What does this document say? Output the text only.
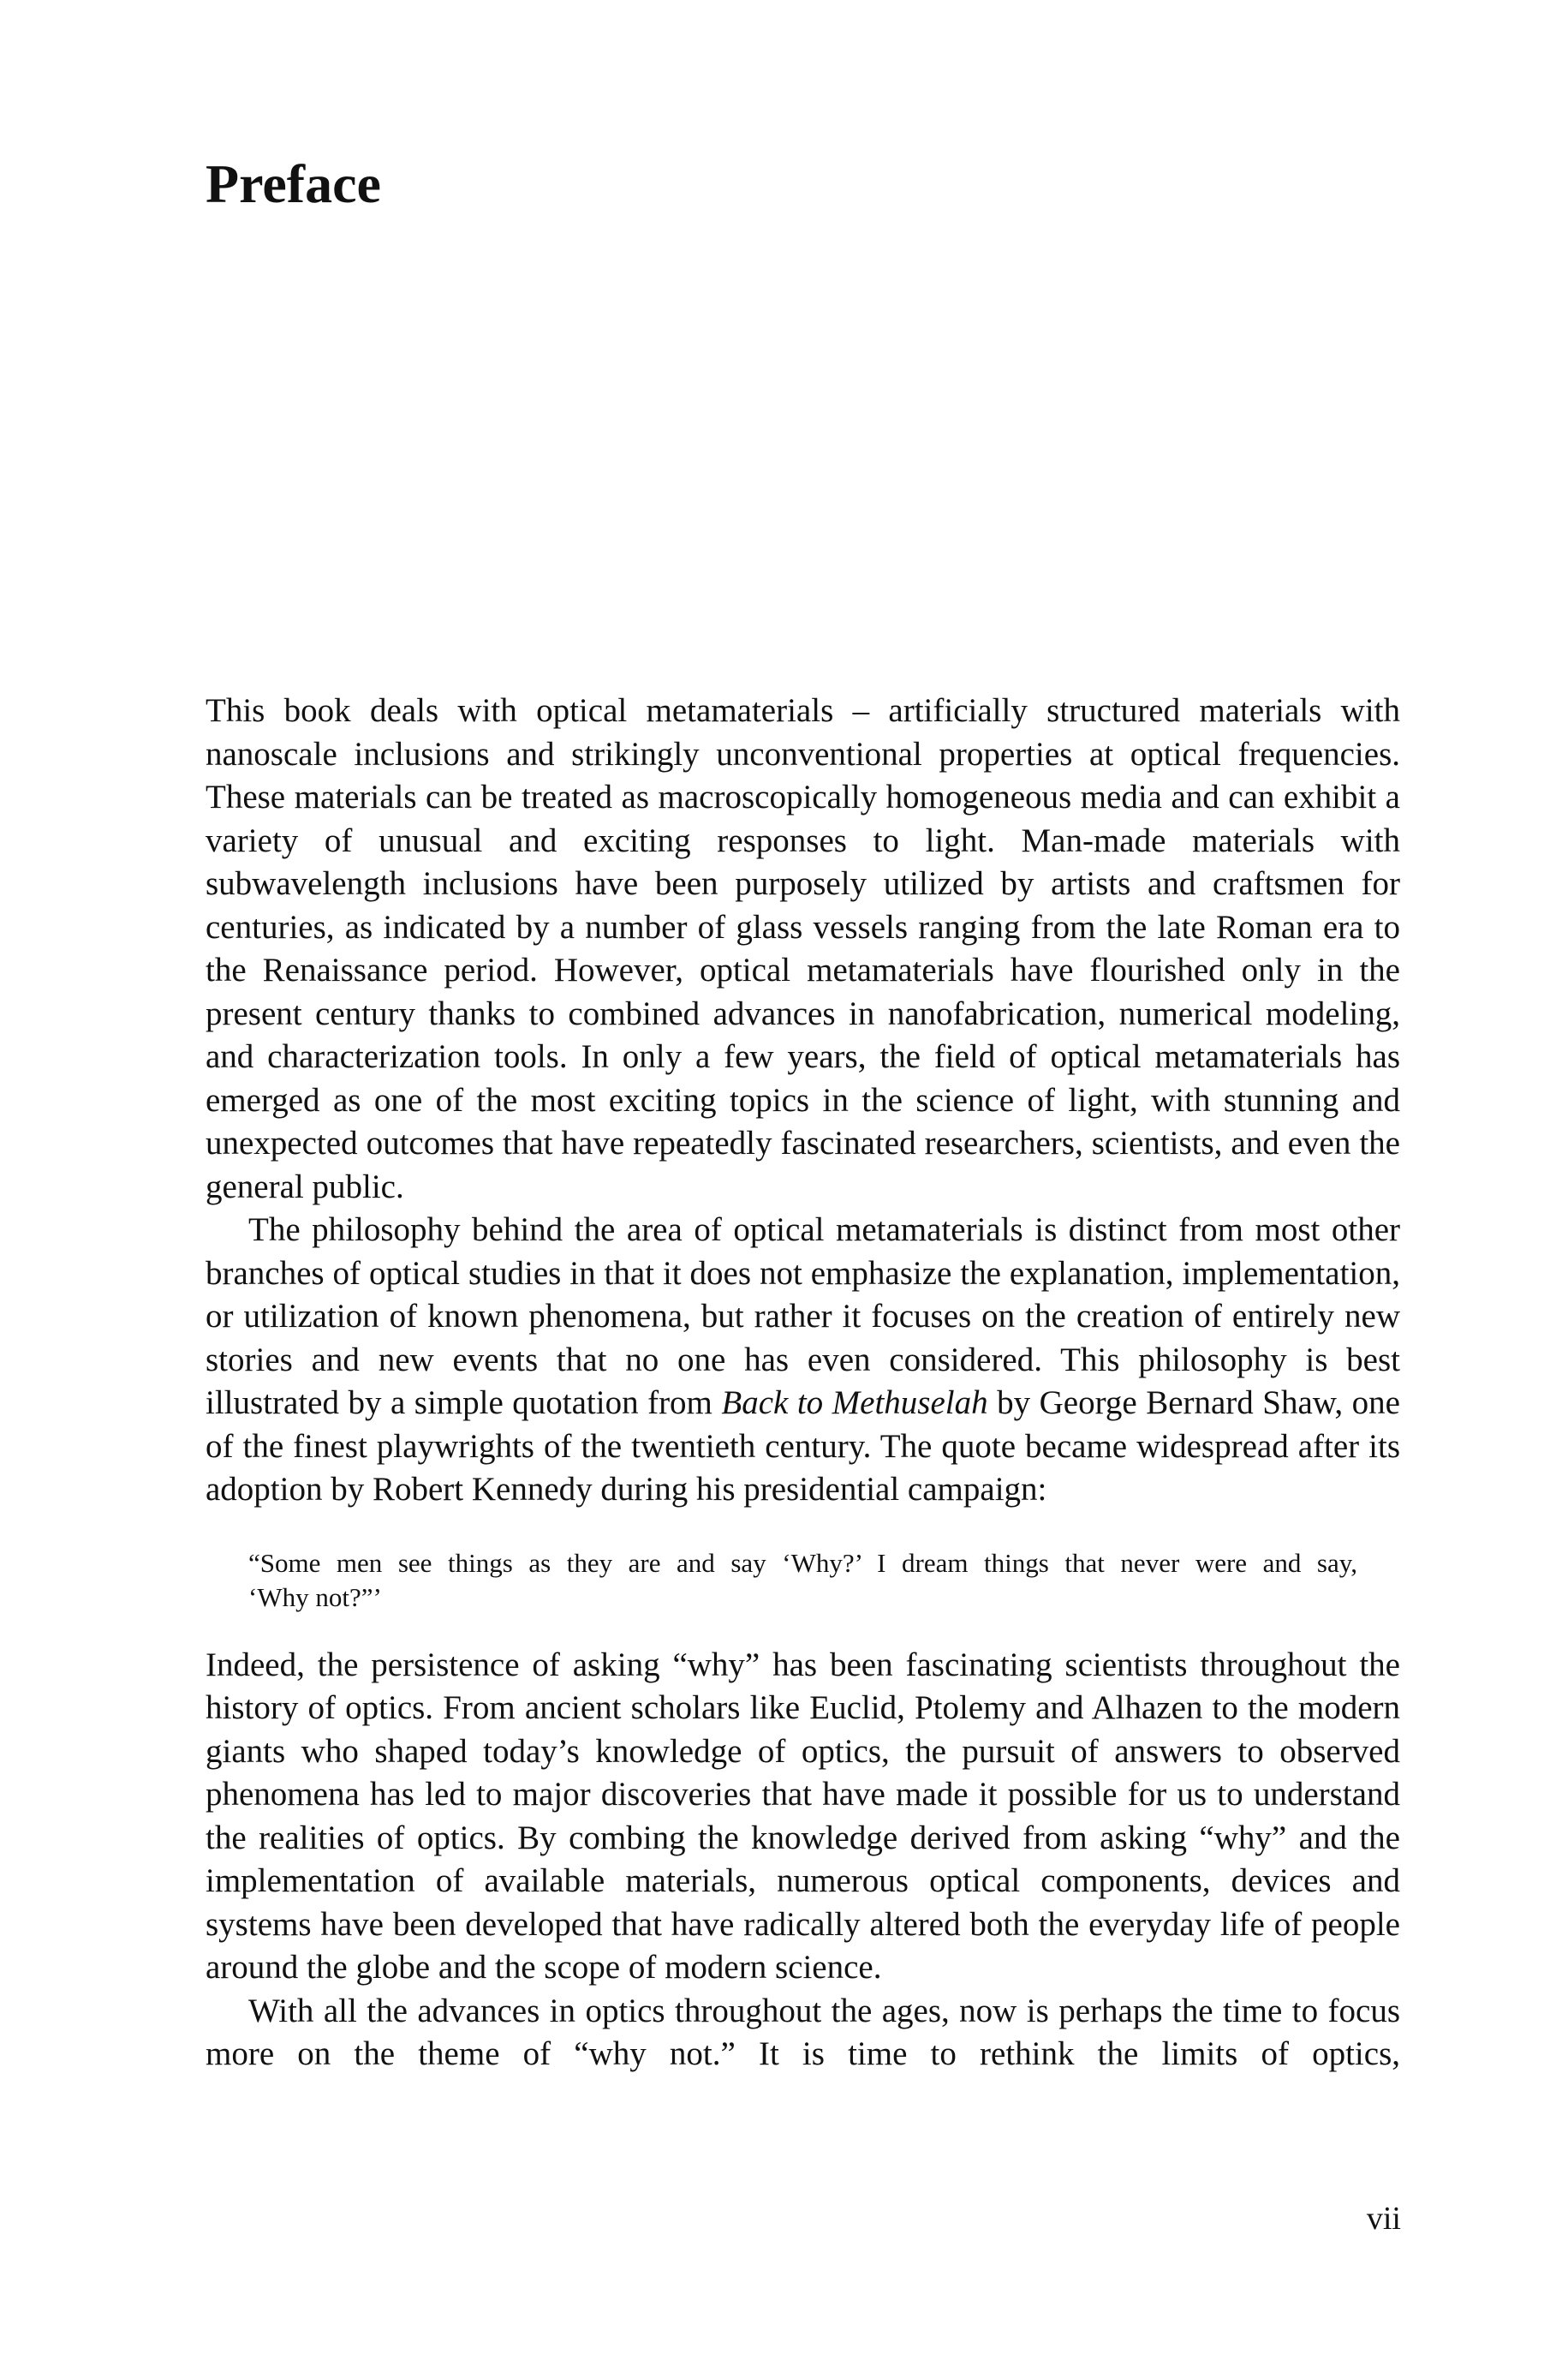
Preface

This book deals with optical metamaterials – artificially structured materials with nanoscale inclusions and strikingly unconventional properties at optical frequencies. These materials can be treated as macroscopically homogeneous media and can exhibit a variety of unusual and exciting responses to light. Man-made materials with subwavelength inclusions have been purposely utilized by artists and craftsmen for centuries, as indicated by a number of glass vessels ranging from the late Roman era to the Renaissance period. However, optical metamaterials have flourished only in the present century thanks to combined advances in nanofabrication, numerical modeling, and characterization tools. In only a few years, the field of optical metamaterials has emerged as one of the most exciting topics in the science of light, with stunning and unexpected outcomes that have repeatedly fascinated researchers, scientists, and even the general public.

The philosophy behind the area of optical metamaterials is distinct from most other branches of optical studies in that it does not emphasize the explanation, implementation, or utilization of known phenomena, but rather it focuses on the creation of entirely new stories and new events that no one has even considered. This philosophy is best illustrated by a simple quotation from Back to Methuselah by George Bernard Shaw, one of the finest playwrights of the twentieth century. The quote became widespread after its adoption by Robert Kennedy during his presidential campaign:

“Some men see things as they are and say ‘Why?’ I dream things that never were and say,
‘Why not?”’

Indeed, the persistence of asking “why” has been fascinating scientists throughout the history of optics. From ancient scholars like Euclid, Ptolemy and Alhazen to the modern giants who shaped today’s knowledge of optics, the pursuit of answers to observed phenomena has led to major discoveries that have made it possible for us to understand the realities of optics. By combing the knowledge derived from asking “why” and the implementation of available materials, numerous optical components, devices and systems have been developed that have radically altered both the everyday life of people around the globe and the scope of modern science.

With all the advances in optics throughout the ages, now is perhaps the time to focus more on the theme of “why not.” It is time to rethink the limits of optics,

vii
